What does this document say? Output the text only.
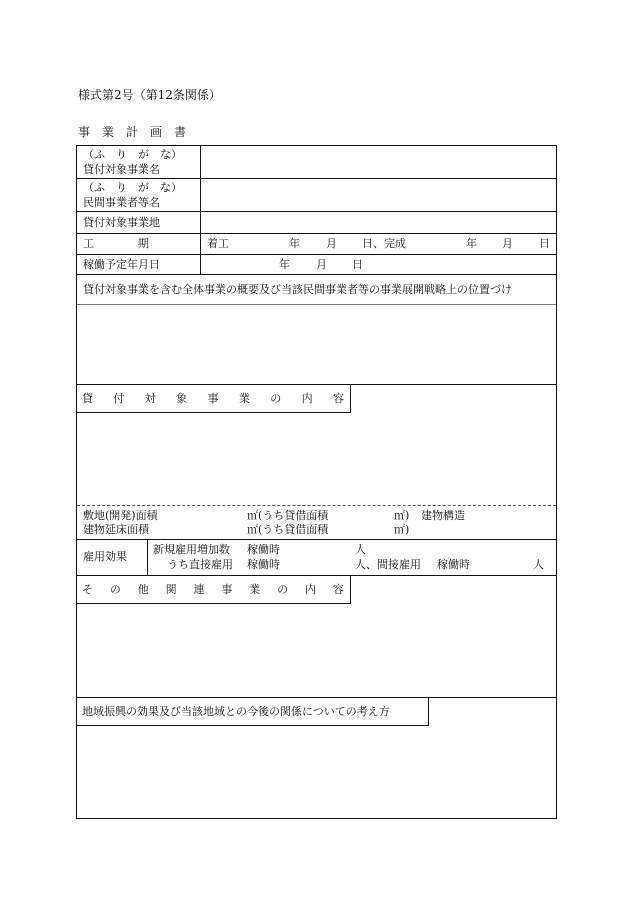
様式第2号（第12条関係）
事　業　計　画　書
（ふ　り　が　な）
貸付対象事業名
（ふ　り　が　な）
民間事業者等名
貸付対象事業地
工　　　　期	着工	年 月 日、完成	年 月 日
稼働予定年月日	年 月 日
貸付対象事業を含む全体事業の概要及び当該民間事業者等の事業展開戦略上の位置づけ
貸 付 対 象 事 業 の 内 容
敷地(開発)面積	㎡(うち貸借面積	㎡) 建物構造
建物延床面積	㎡(うち貸借面積	㎡)
雇用効果
新規雇用増加数 稼働時	人
うち直接雇用 稼働時	人、間接雇用 稼働時	人
そ の 他 関 連 事 業 の 内 容
地域振興の効果及び当該地域との今後の関係についての考え方
